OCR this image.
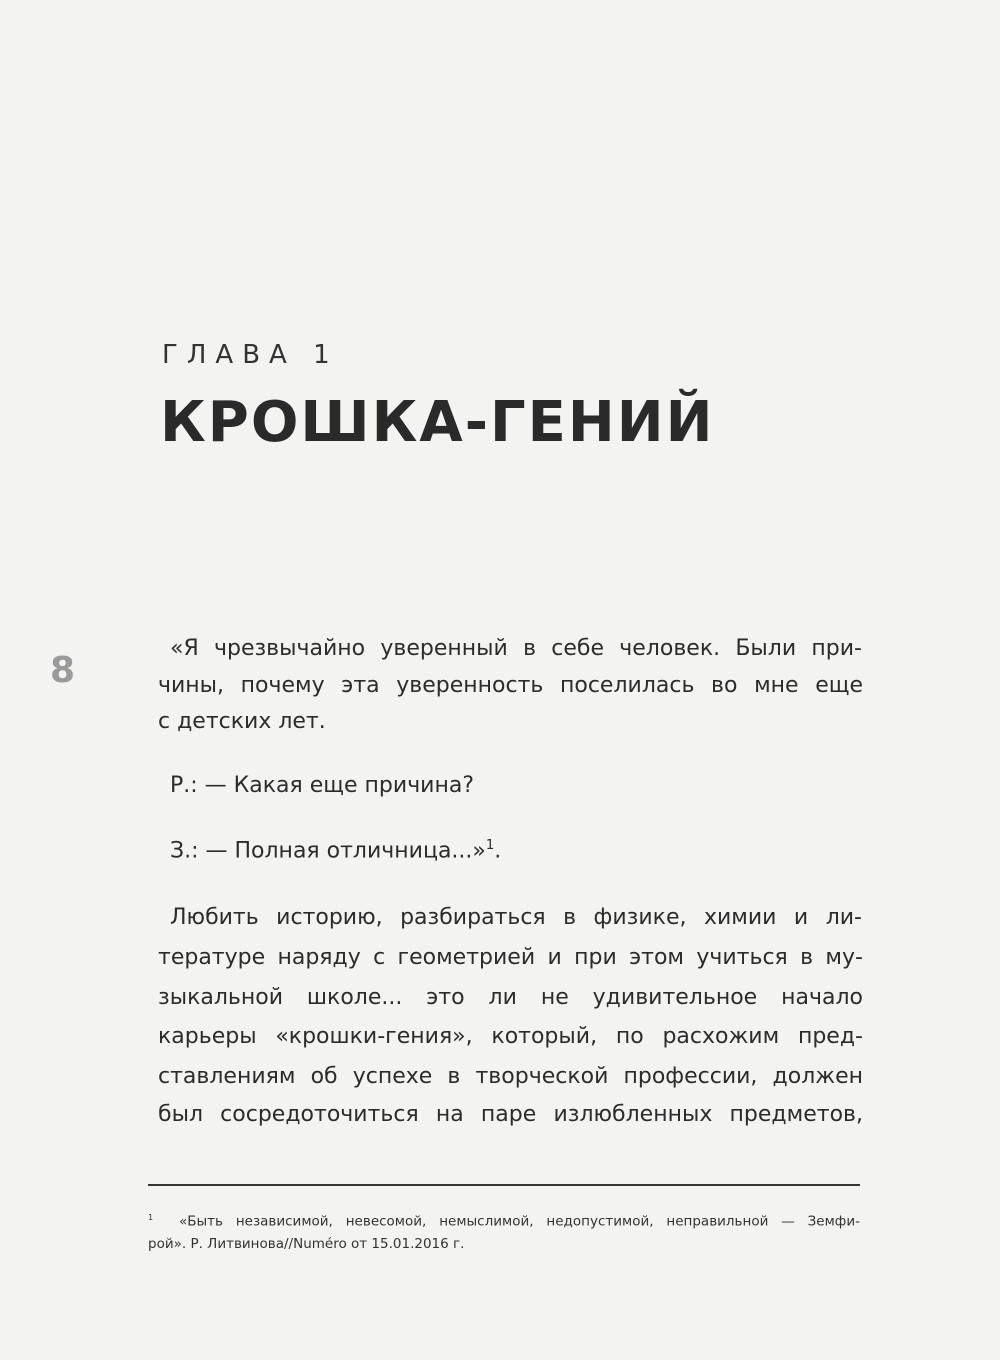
ГЛАВА 1
КРОШКА-ГЕНИЙ
8
«Я чрезвычайно уверенный в себе человек. Были при-
чины, почему эта уверенность поселилась во мне еще
с детских лет.
Р.: — Какая еще причина?
З.: — Полная отличница...»$^1$.
Любить историю, разбираться в физике, химии и ли-
тературе наряду с геометрией и при этом учиться в му-
зыкальной школе... это ли не удивительное начало
карьеры «крошки-гения», который, по расхожим пред-
ставлениям об успехе в творческой профессии, должен
был сосредоточиться на паре излюбленных предметов,
$^1$ «Быть независимой, невесомой, немыслимой, недопустимой, неправильной — Земфи-
рой». Р. Литвинова//Numéro от 15.01.2016 г.
